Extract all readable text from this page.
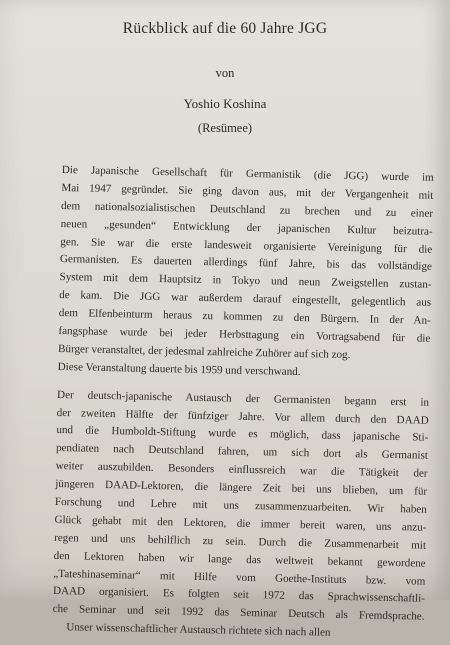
Rückblick auf die 60 Jahre JGG
von
Yoshio Koshina
(Resümee)
Die Japanische Gesellschaft für Germanistik (die JGG) wurde im
Mai 1947 gegründet. Sie ging davon aus, mit der Vergangenheit mit
dem nationalsozialistischen Deutschland zu brechen und zu einer
neuen „gesunden“ Entwicklung der japanischen Kultur beizutra-
gen. Sie war die erste landesweit organisierte Vereinigung für die
Germanisten. Es dauerten allerdings fünf Jahre, bis das vollständige
System mit dem Hauptsitz in Tokyo und neun Zweigstellen zustan-
de kam. Die JGG war außerdem darauf eingestellt, gelegentlich aus
dem Elfenbeinturm heraus zu kommen zu den Bürgern. In der An-
fangsphase wurde bei jeder Herbsttagung ein Vortragsabend für die
Bürger veranstaltet, der jedesmal zahlreiche Zuhörer auf sich zog.
Diese Veranstaltung dauerte bis 1959 und verschwand.
Der deutsch-japanische Austausch der Germanisten begann erst in
der zweiten Hälfte der fünfziger Jahre. Vor allem durch den DAAD
und die Humboldt-Stiftung wurde es möglich, dass japanische Sti-
pendiaten nach Deutschland fahren, um sich dort als Germanist
weiter auszubilden. Besonders einflussreich war die Tätigkeit der
jüngeren DAAD-Lektoren, die längere Zeit bei uns blieben, um für
Forschung und Lehre mit uns zusammenzuarbeiten. Wir haben
Glück gehabt mit den Lektoren, die immer bereit waren, uns anzu-
regen und uns behilflich zu sein. Durch die Zusammenarbeit mit
den Lektoren haben wir lange das weltweit bekannt gewordene
„Tateshinaseminar“ mit Hilfe vom Goethe-Instituts bzw. vom
DAAD organisiert. Es folgten seit 1972 das Sprachwissenschaftli-
che Seminar und seit 1992 das Seminar Deutsch als Fremdsprache.
Unser wissenschaftlicher Austausch richtete sich nach allen
